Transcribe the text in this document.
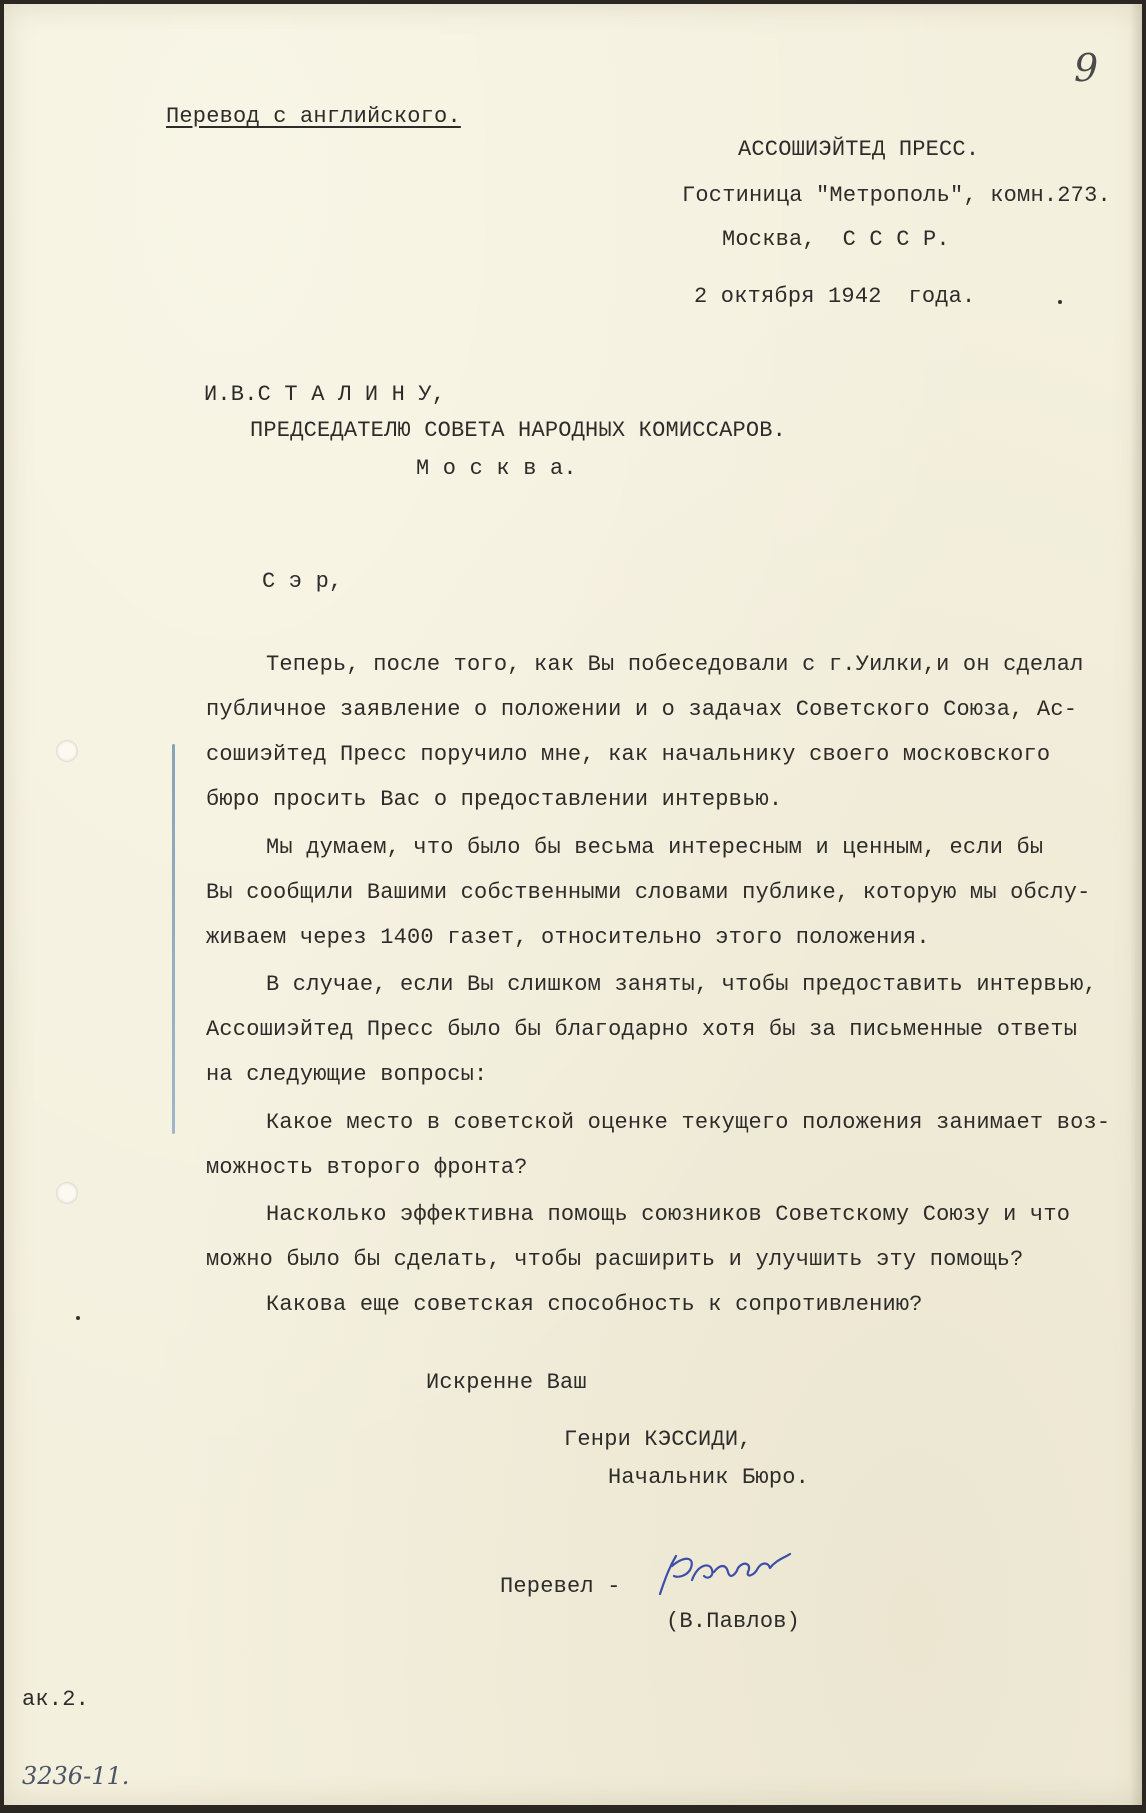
9
Перевод с английского.
АССОШИЭЙТЕД ПРЕСС.
Гостиница "Метрополь", комн.273.
Москва,  С С С Р.
2 октября 1942  года.
И.В.С Т А Л И Н У,
ПРЕДСЕДАТЕЛЮ СОВЕТА НАРОДНЫХ КОМИССАРОВ.
М о с к в а.
С э р,
Теперь, после того, как Вы побеседовали с г.Уилки,и он сделал
публичное заявление о положении и о задачах Советского Союза, Ас-
сошиэйтед Пресс поручило мне, как начальнику своего московского
бюро просить Вас о предоставлении интервью.
Мы думаем, что было бы весьма интересным и ценным, если бы
Вы сообщили Вашими собственными словами публике, которую мы обслу-
живаем через 1400 газет, относительно этого положения.
В случае, если Вы слишком заняты, чтобы предоставить интервью,
Ассошиэйтед Пресс было бы благодарно хотя бы за письменные ответы
на следующие вопросы:
Какое место в советской оценке текущего положения занимает воз-
можность второго фронта?
Насколько эффективна помощь союзников Советскому Союзу и что
можно было бы сделать, чтобы расширить и улучшить эту помощь?
Какова еще советская способность к сопротивлению?
Искренне Ваш
Генри КЭССИДИ,
Начальник Бюро.
Перевел -
(В.Павлов)
ак.2.
3236-11.
